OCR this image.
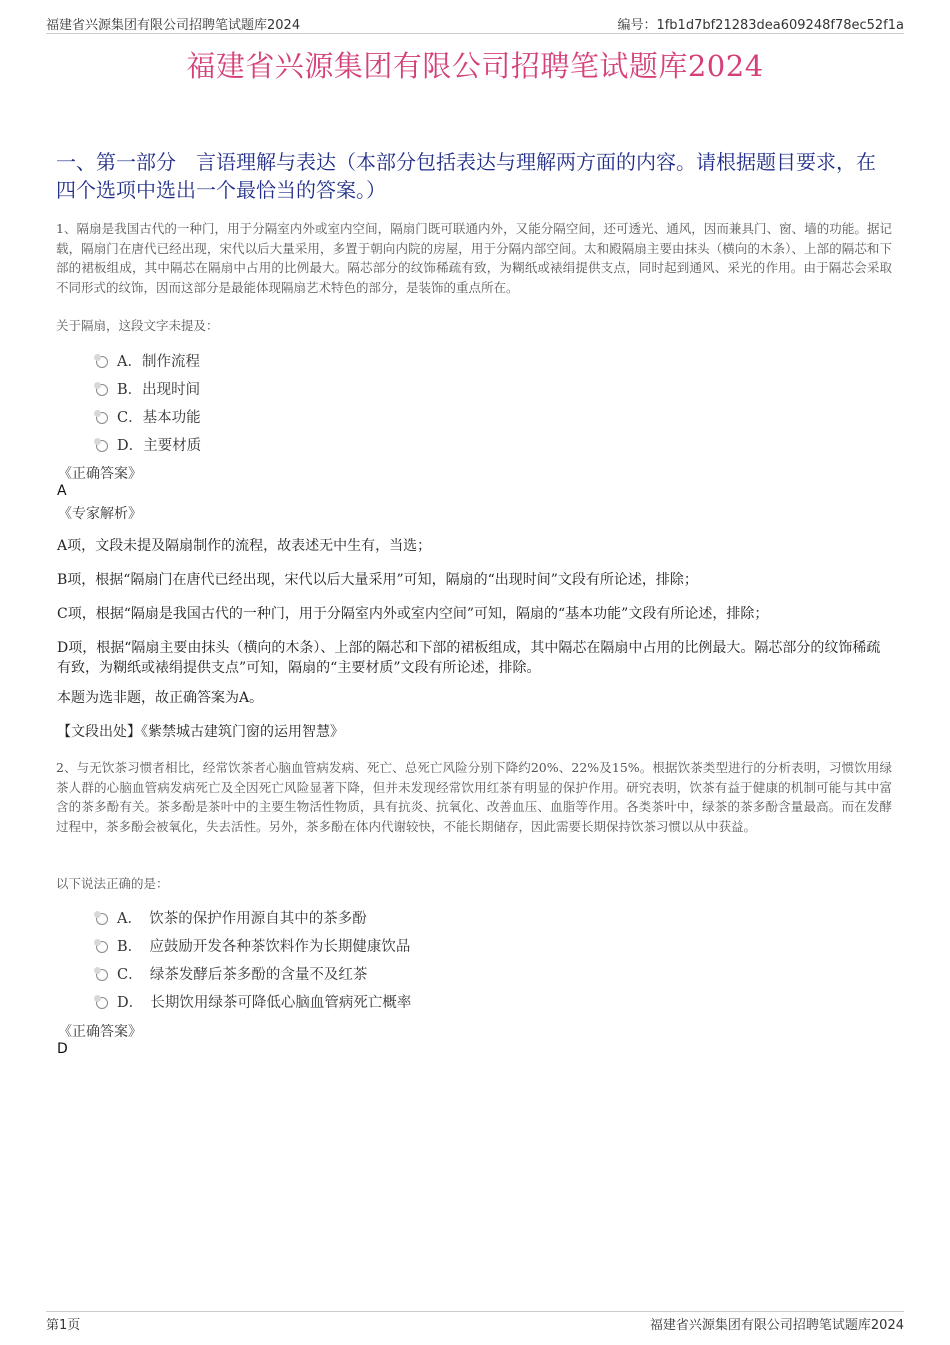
福建省兴源集团有限公司招聘笔试题库2024	编号：1fb1d7bf21283dea609248f78ec52f1a
福建省兴源集团有限公司招聘笔试题库2024
一、第一部分　言语理解与表达（本部分包括表达与理解两方面的内容。请根据题目要求，在四个选项中选出一个最恰当的答案。）
1、隔扇是我国古代的一种门，用于分隔室内外或室内空间，隔扇门既可联通内外，又能分隔空间，还可透光、通风，因而兼具门、窗、墙的功能。据记载，隔扇门在唐代已经出现，宋代以后大量采用，多置于朝向内院的房屋，用于分隔内部空间。太和殿隔扇主要由抹头（横向的木条）、上部的隔芯和下部的裙板组成，其中隔芯在隔扇中占用的比例最大。隔芯部分的纹饰稀疏有致，为糊纸或裱绢提供支点，同时起到通风、采光的作用。由于隔芯会采取不同形式的纹饰，因而这部分是最能体现隔扇艺术特色的部分，是装饰的重点所在。
关于隔扇，这段文字未提及：
A．制作流程
B．出现时间
C．基本功能
D．主要材质
《正确答案》
A
《专家解析》
A项，文段未提及隔扇制作的流程，故表述无中生有，当选；
B项，根据“隔扇门在唐代已经出现，宋代以后大量采用”可知，隔扇的“出现时间”文段有所论述，排除；
C项，根据“隔扇是我国古代的一种门，用于分隔室内外或室内空间”可知，隔扇的“基本功能”文段有所论述，排除；
D项，根据“隔扇主要由抹头（横向的木条）、上部的隔芯和下部的裙板组成，其中隔芯在隔扇中占用的比例最大。隔芯部分的纹饰稀疏有致，为糊纸或裱绢提供支点”可知，隔扇的“主要材质”文段有所论述，排除。
本题为选非题，故正确答案为A。
【文段出处】《紫禁城古建筑门窗的运用智慧》
2、与无饮茶习惯者相比，经常饮茶者心脑血管病发病、死亡、总死亡风险分别下降约20%、22%及15%。根据饮茶类型进行的分析表明，习惯饮用绿茶人群的心脑血管病发病死亡及全因死亡风险显著下降，但并未发现经常饮用红茶有明显的保护作用。研究表明，饮茶有益于健康的机制可能与其中富含的茶多酚有关。茶多酚是茶叶中的主要生物活性物质，具有抗炎、抗氧化、改善血压、血脂等作用。各类茶叶中，绿茶的茶多酚含量最高。而在发酵过程中，茶多酚会被氧化，失去活性。另外，茶多酚在体内代谢较快，不能长期储存，因此需要长期保持饮茶习惯以从中获益。
以下说法正确的是：
A．　饮茶的保护作用源自其中的茶多酚
B．　应鼓励开发各种茶饮料作为长期健康饮品
C．　绿茶发酵后茶多酚的含量不及红茶
D．　长期饮用绿茶可降低心脑血管病死亡概率
《正确答案》
D
第1页	福建省兴源集团有限公司招聘笔试题库2024
